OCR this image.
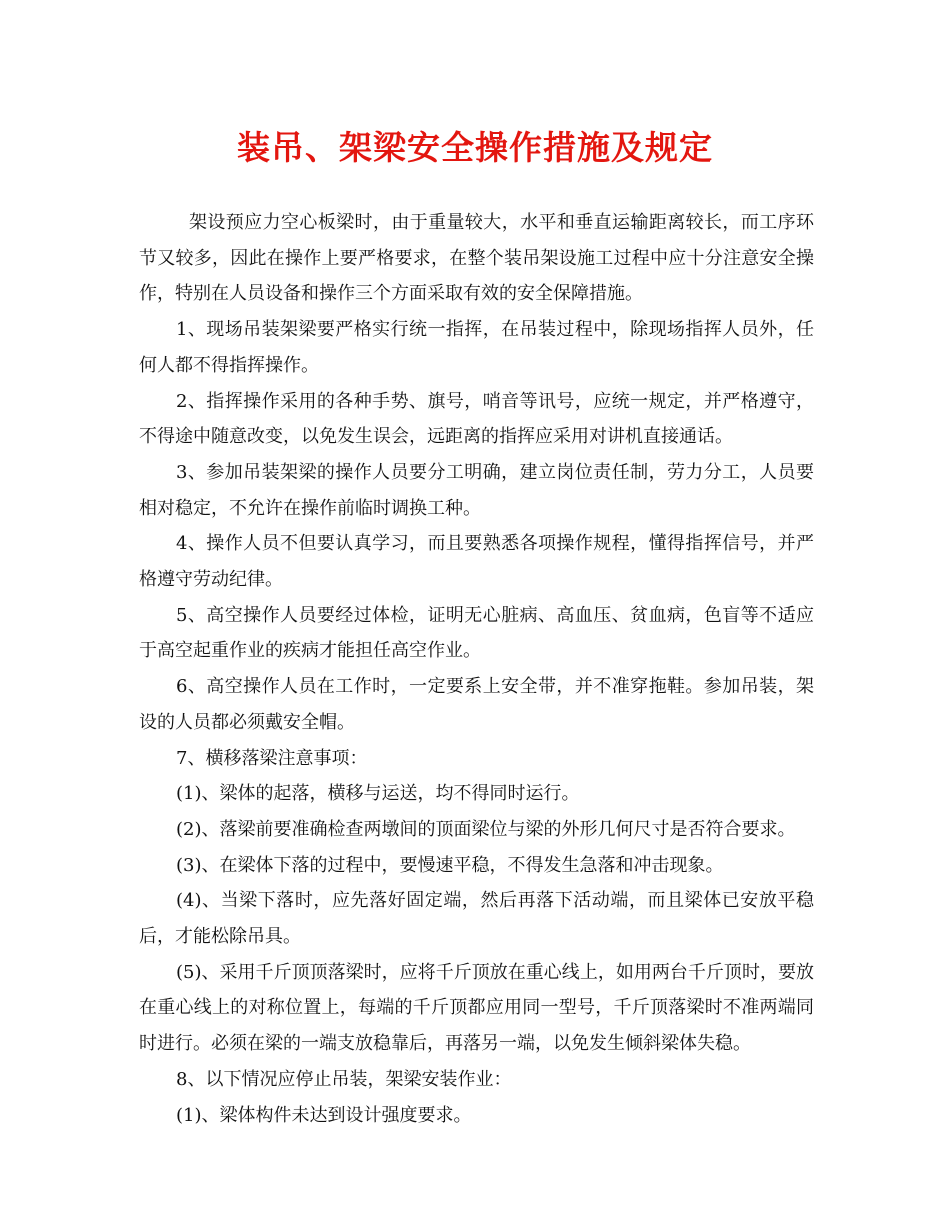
装吊、架梁安全操作措施及规定

架设预应力空心板梁时，由于重量较大，水平和垂直运输距离较长，而工序环节又较多，因此在操作上要严格要求，在整个装吊架设施工过程中应十分注意安全操作，特别在人员设备和操作三个方面采取有效的安全保障措施。

1、现场吊装架梁要严格实行统一指挥，在吊装过程中，除现场指挥人员外，任何人都不得指挥操作。

2、指挥操作采用的各种手势、旗号，哨音等讯号，应统一规定，并严格遵守，不得途中随意改变，以免发生误会，远距离的指挥应采用对讲机直接通话。

3、参加吊装架梁的操作人员要分工明确，建立岗位责任制，劳力分工，人员要相对稳定，不允许在操作前临时调换工种。

4、操作人员不但要认真学习，而且要熟悉各项操作规程，懂得指挥信号，并严格遵守劳动纪律。

5、高空操作人员要经过体检，证明无心脏病、高血压、贫血病，色盲等不适应于高空起重作业的疾病才能担任高空作业。

6、高空操作人员在工作时，一定要系上安全带，并不准穿拖鞋。参加吊装，架设的人员都必须戴安全帽。

7、横移落梁注意事项：

(1)、梁体的起落，横移与运送，均不得同时运行。

(2)、落梁前要准确检查两墩间的顶面梁位与梁的外形几何尺寸是否符合要求。

(3)、在梁体下落的过程中，要慢速平稳，不得发生急落和冲击现象。

(4)、当梁下落时，应先落好固定端，然后再落下活动端，而且梁体已安放平稳后，才能松除吊具。

(5)、采用千斤顶顶落梁时，应将千斤顶放在重心线上，如用两台千斤顶时，要放在重心线上的对称位置上，每端的千斤顶都应用同一型号，千斤顶落梁时不准两端同时进行。必须在梁的一端支放稳靠后，再落另一端，以免发生倾斜梁体失稳。

8、以下情况应停止吊装，架梁安装作业：

(1)、梁体构件未达到设计强度要求。
